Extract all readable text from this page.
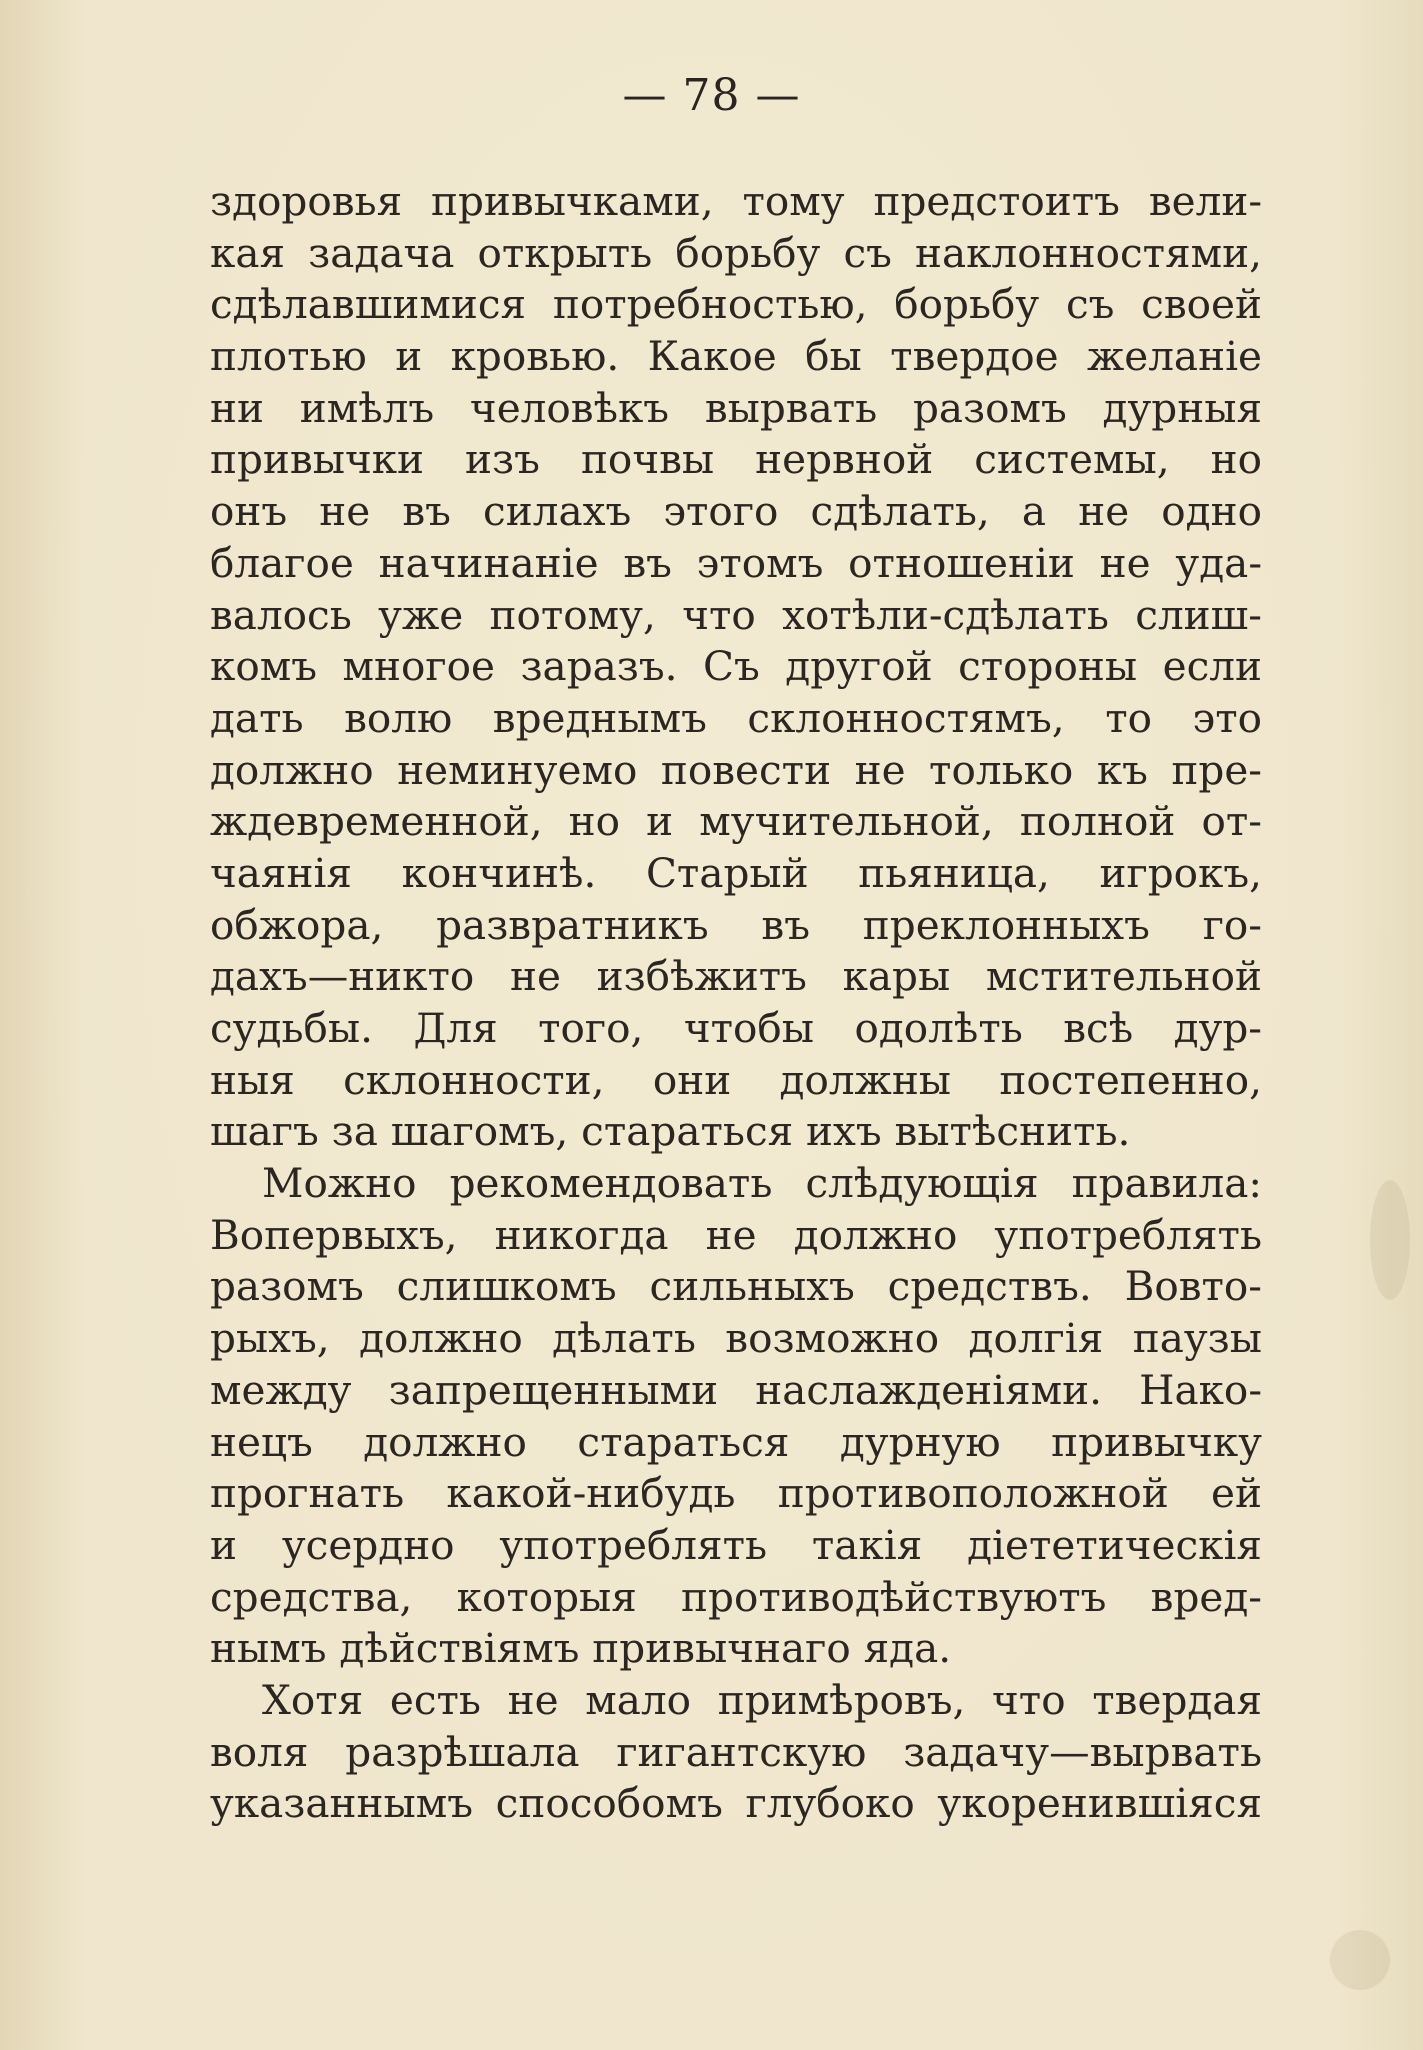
— 78 —
здоровья привычками, тому предстоитъ вели-
кая задача открыть борьбу съ наклонностями,
сдѣлавшимися потребностью, борьбу съ своей
плотью и кровью. Какое бы твердое желаніе
ни имѣлъ человѣкъ вырвать разомъ дурныя
привычки изъ почвы нервной системы, но
онъ не въ силахъ этого сдѣлать, а не одно
благое начинаніе въ этомъ отношеніи не уда-
валось уже потому, что хотѣли-сдѣлать слиш-
комъ многое заразъ. Съ другой стороны если
дать волю вреднымъ склонностямъ, то это
должно неминуемо повести не только къ пре-
ждевременной, но и мучительной, полной от-
чаянія кончинѣ. Старый пьяница, игрокъ,
обжора, развратникъ въ преклонныхъ го-
дахъ—никто не избѣжитъ кары мстительной
судьбы. Для того, чтобы одолѣть всѣ дур-
ныя склонности, они должны постепенно,
шагъ за шагомъ, стараться ихъ вытѣснить.
Можно рекомендовать слѣдующія правила:
Вопервыхъ, никогда не должно употреблять
разомъ слишкомъ сильныхъ средствъ. Вовто-
рыхъ, должно дѣлать возможно долгія паузы
между запрещенными наслажденіями. Нако-
нецъ должно стараться дурную привычку
прогнать какой-нибудь противоположной ей
и усердно употреблять такія діететическія
средства, которыя противодѣйствуютъ вред-
нымъ дѣйствіямъ привычнаго яда.
Хотя есть не мало примѣровъ, что твердая
воля разрѣшала гигантскую задачу—вырвать
указаннымъ способомъ глубоко укоренившіяся
